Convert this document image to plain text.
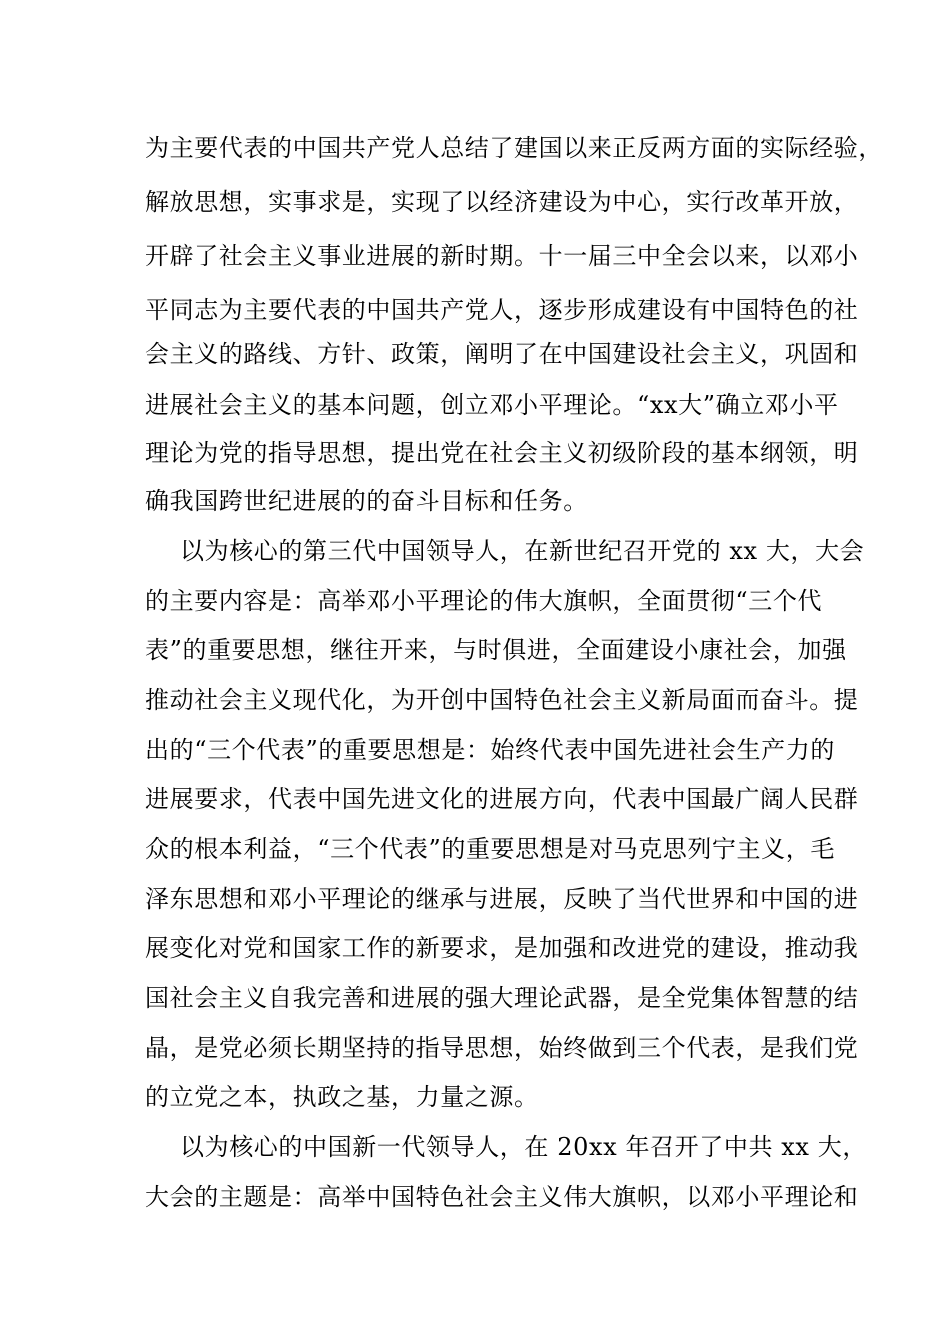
为主要代表的中国共产党人总结了建国以来正反两方面的实际经验，
解放思想，实事求是，实现了以经济建设为中心，实行改革开放，
开辟了社会主义事业进展的新时期。十一届三中全会以来，以邓小
平同志为主要代表的中国共产党人，逐步形成建设有中国特色的社
会主义的路线、方针、政策，阐明了在中国建设社会主义，巩固和
进展社会主义的基本问题，创立邓小平理论。“xx大”确立邓小平
理论为党的指导思想，提出党在社会主义初级阶段的基本纲领，明
确我国跨世纪进展的的奋斗目标和任务。
以为核心的第三代中国领导人，在新世纪召开党的 xx 大，大会
的主要内容是：高举邓小平理论的伟大旗帜，全面贯彻“三个代
表”的重要思想，继往开来，与时俱进，全面建设小康社会，加强
推动社会主义现代化，为开创中国特色社会主义新局面而奋斗。提
出的“三个代表”的重要思想是：始终代表中国先进社会生产力的
进展要求，代表中国先进文化的进展方向，代表中国最广阔人民群
众的根本利益，“三个代表”的重要思想是对马克思列宁主义，毛
泽东思想和邓小平理论的继承与进展，反映了当代世界和中国的进
展变化对党和国家工作的新要求，是加强和改进党的建设，推动我
国社会主义自我完善和进展的强大理论武器，是全党集体智慧的结
晶，是党必须长期坚持的指导思想，始终做到三个代表，是我们党
的立党之本，执政之基，力量之源。
以为核心的中国新一代领导人，在 20xx 年召开了中共 xx 大，
大会的主题是：高举中国特色社会主义伟大旗帜，以邓小平理论和
